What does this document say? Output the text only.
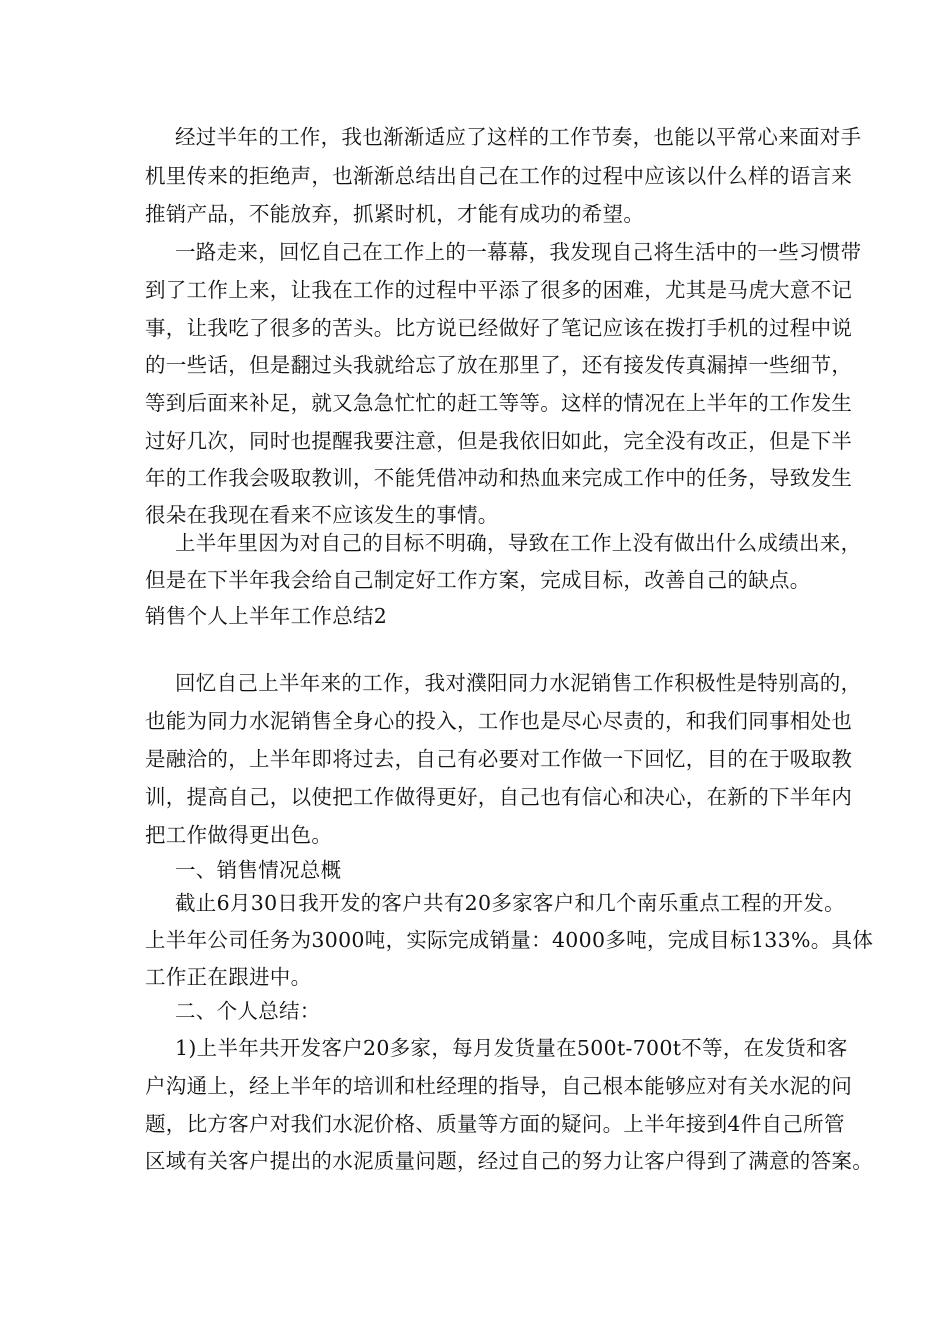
经过半年的工作，我也渐渐适应了这样的工作节奏，也能以平常心来面对手
机里传来的拒绝声，也渐渐总结出自己在工作的过程中应该以什么样的语言来
推销产品，不能放弃，抓紧时机，才能有成功的希望。
一路走来，回忆自己在工作上的一幕幕，我发现自己将生活中的一些习惯带
到了工作上来，让我在工作的过程中平添了很多的困难，尤其是马虎大意不记
事，让我吃了很多的苦头。比方说已经做好了笔记应该在拨打手机的过程中说
的一些话，但是翻过头我就给忘了放在那里了，还有接发传真漏掉一些细节，
等到后面来补足，就又急急忙忙的赶工等等。这样的情况在上半年的工作发生
过好几次，同时也提醒我要注意，但是我依旧如此，完全没有改正，但是下半
年的工作我会吸取教训，不能凭借冲动和热血来完成工作中的任务，导致发生
很朵在我现在看来不应该发生的事情。
上半年里因为对自己的目标不明确，导致在工作上没有做出什么成绩出来，
但是在下半年我会给自己制定好工作方案，完成目标，改善自己的缺点。
销售个人上半年工作总结2
回忆自己上半年来的工作，我对濮阳同力水泥销售工作积极性是特别高的，
也能为同力水泥销售全身心的投入，工作也是尽心尽责的，和我们同事相处也
是融洽的，上半年即将过去，自己有必要对工作做一下回忆，目的在于吸取教
训，提高自己，以使把工作做得更好，自己也有信心和决心，在新的下半年内
把工作做得更出色。
一、销售情况总概
截止6月30日我开发的客户共有20多家客户和几个南乐重点工程的开发。
上半年公司任务为3000吨，实际完成销量：4000多吨，完成目标133%。具体
工作正在跟进中。
二、个人总结：
1)上半年共开发客户20多家，每月发货量在500t-700t不等，在发货和客
户沟通上，经上半年的培训和杜经理的指导，自己根本能够应对有关水泥的问
题，比方客户对我们水泥价格、质量等方面的疑问。上半年接到4件自己所管
区域有关客户提出的水泥质量问题，经过自己的努力让客户得到了满意的答案。
